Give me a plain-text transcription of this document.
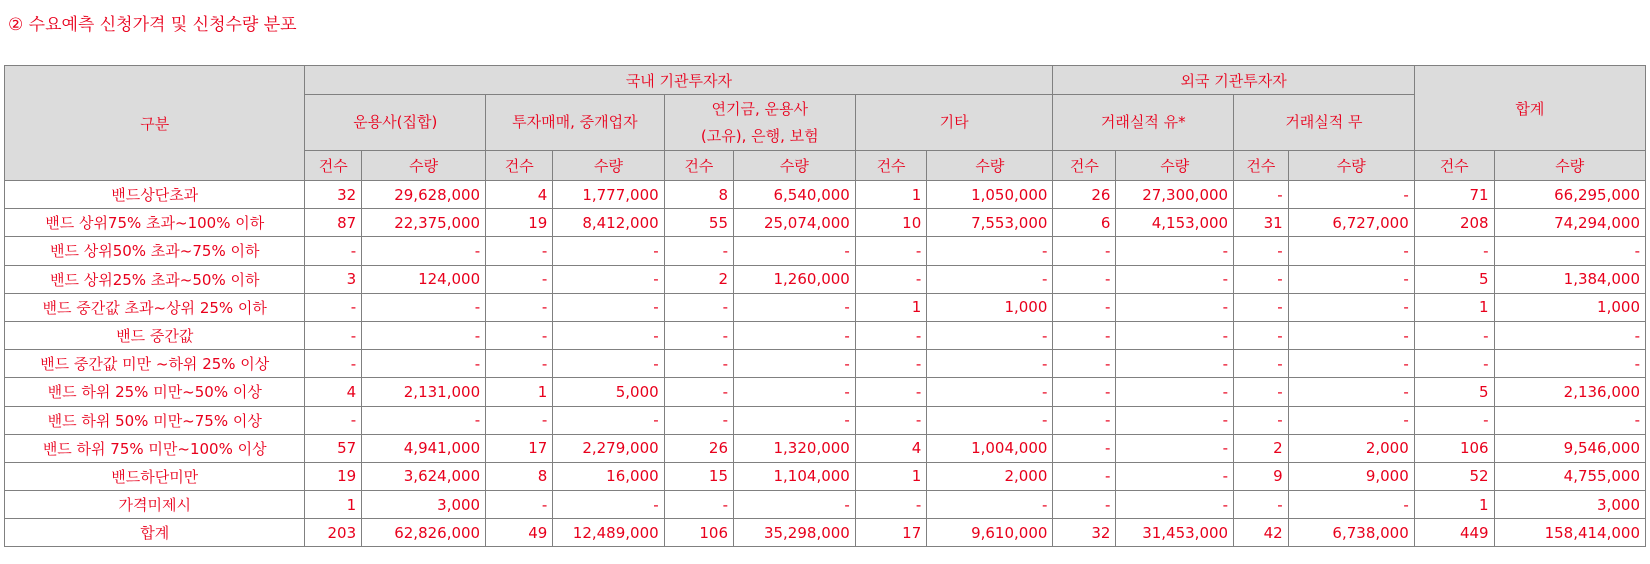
② 수요예측 신청가격 및 신청수량 분포
구분	국내 기관투자자								외국 기관투자자				합계	
	운용사(집합)		투자매매, 중개업자		연기금, 운용사
(고유), 은행, 보험		기타		거래실적 유*		거래실적 무			
	건수	수량	건수	수량	건수	수량	건수	수량	건수	수량	건수	수량	건수	수량
밴드상단초과	32	29,628,000	4	1,777,000	8	6,540,000	1	1,050,000	26	27,300,000	-	-	71	66,295,000
밴드 상위75% 초과~100% 이하	87	22,375,000	19	8,412,000	55	25,074,000	10	7,553,000	6	4,153,000	31	6,727,000	208	74,294,000
밴드 상위50% 초과~75% 이하	-	-	-	-	-	-	-	-	-	-	-	-	-	-
밴드 상위25% 초과~50% 이하	3	124,000	-	-	2	1,260,000	-	-	-	-	-	-	5	1,384,000
밴드 중간값 초과~상위 25% 이하	-	-	-	-	-	-	1	1,000	-	-	-	-	1	1,000
밴드 중간값	-	-	-	-	-	-	-	-	-	-	-	-	-	-
밴드 중간값 미만 ~하위 25% 이상	-	-	-	-	-	-	-	-	-	-	-	-	-	-
밴드 하위 25% 미만~50% 이상	4	2,131,000	1	5,000	-	-	-	-	-	-	-	-	5	2,136,000
밴드 하위 50% 미만~75% 이상	-	-	-	-	-	-	-	-	-	-	-	-	-	-
밴드 하위 75% 미만~100% 이상	57	4,941,000	17	2,279,000	26	1,320,000	4	1,004,000	-	-	2	2,000	106	9,546,000
밴드하단미만	19	3,624,000	8	16,000	15	1,104,000	1	2,000	-	-	9	9,000	52	4,755,000
가격미제시	1	3,000	-	-	-	-	-	-	-	-	-	-	1	3,000
합계	203	62,826,000	49	12,489,000	106	35,298,000	17	9,610,000	32	31,453,000	42	6,738,000	449	158,414,000
